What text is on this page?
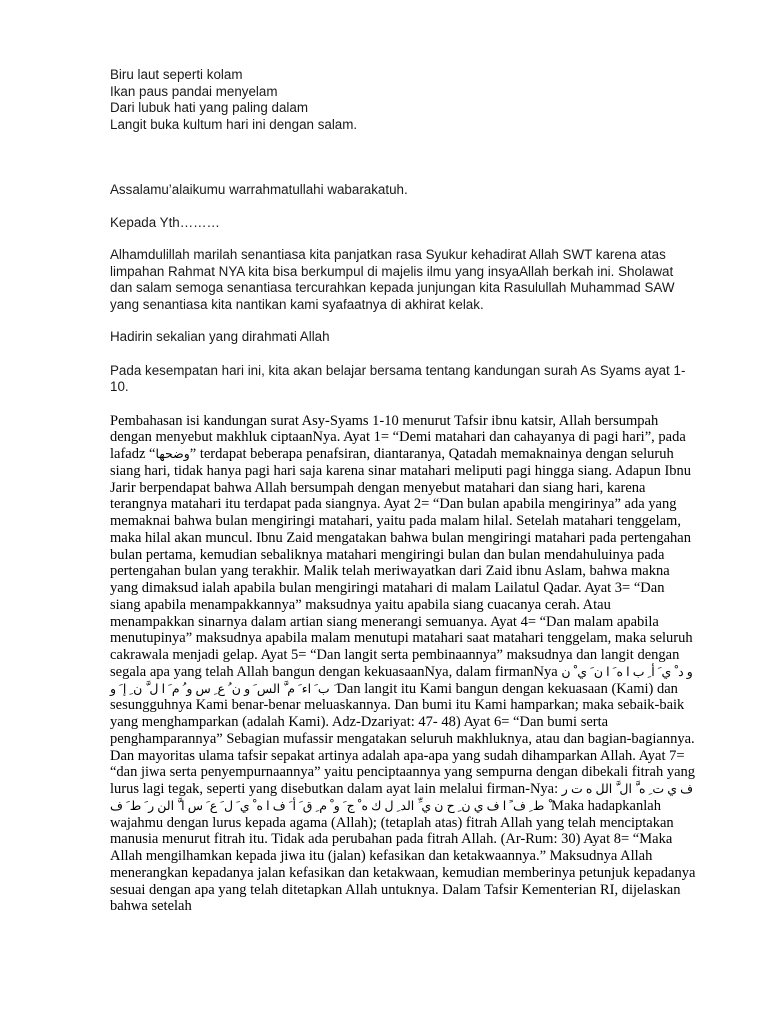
Biru laut seperti kolam
Ikan paus pandai menyelam
Dari lubuk hati yang paling dalam
Langit buka kultum hari ini dengan salam.

Assalamu’alaikumu warrahmatullahi wabarakatuh.

Kepada Yth………

Alhamdulillah marilah senantiasa kita panjatkan rasa Syukur kehadirat Allah SWT karena atas limpahan Rahmat NYA kita bisa berkumpul di majelis ilmu yang insyaAllah berkah ini. Sholawat dan salam semoga senantiasa tercurahkan kepada junjungan kita Rasulullah Muhammad SAW yang senantiasa kita nantikan kami syafaatnya di akhirat kelak.

Hadirin sekalian yang dirahmati Allah

Pada kesempatan hari ini, kita akan belajar bersama tentang kandungan surah As Syams ayat 1-10.

Pembahasan isi kandungan surat Asy-Syams 1-10 menurut Tafsir ibnu katsir, Allah bersumpah dengan menyebut makhluk ciptaanNya. Ayat 1= “Demi matahari dan cahayanya di pagi hari”, pada lafadz “وضحها” terdapat beberapa penafsiran, diantaranya, Qatadah memaknainya dengan seluruh siang hari, tidak hanya pagi hari saja karena sinar matahari meliputi pagi hingga siang. Adapun Ibnu Jarir berpendapat bahwa Allah bersumpah dengan menyebut matahari dan siang hari, karena terangnya matahari itu terdapat pada siangnya. Ayat 2= “Dan bulan apabila mengirinya” ada yang memaknai bahwa bulan mengiringi matahari, yaitu pada malam hilal. Setelah matahari tenggelam, maka hilal akan muncul. Ibnu Zaid mengatakan bahwa bulan mengiringi matahari pada pertengahan bulan pertama, kemudian sebaliknya matahari mengiringi bulan dan bulan mendahuluinya pada pertengahan bulan yang terakhir. Malik telah meriwayatkan dari Zaid ibnu Aslam, bahwa makna yang dimaksud ialah apabila bulan mengiringi matahari di malam Lailatul Qadar. Ayat 3= “Dan siang apabila menampakkannya” maksudnya yaitu apabila siang cuacanya cerah. Atau menampakkan sinarnya dalam artian siang menerangi semuanya. Ayat 4= “Dan malam apabila menutupinya” maksudnya apabila malam menutupi matahari saat matahari tenggelam, maka seluruh cakrawala menjadi gelap. Ayat 5= “Dan langit serta pembinaannya” maksudnya dan langit dengan segala apa yang telah Allah bangun dengan kekuasaanNya, dalam firmanNya و د ْ ي َ أ ِ ب ا ه َ ا ن َ ي ْ ن َ ب َ اء َ م َّ الس َ و ن ُ ع ِ س و ُ م َ ا ل َّ ن ِ إ َ و Dan langit itu Kami bangun dengan kekuasaan (Kami) dan sesungguhnya Kami benar-benar meluaskannya. Dan bumi itu Kami hamparkan; maka sebaik-baik yang menghamparkan (adalah Kami). Adz-Dzariyat: 47- 48) Ayat 6= “Dan bumi serta penghamparannya” Sebagian mufassir mengatakan seluruh makhluknya, atau dan bagian-bagiannya. Dan mayoritas ulama tafsir sepakat artinya adalah apa-apa yang sudah dihamparkan Allah. Ayat 7= “dan jiwa serta penyempurnaannya” yaitu penciptaannya yang sempurna dengan dibekali fitrah yang lurus lagi tegak, seperti yang disebutkan dalam ayat lain melalui firman-Nya: ف ي ت ِ ه َّ ال َّ الل ه ت ر ْ ط ِ ف ً ا ف ي ن ِ ح ن ي ِّ الد ِ ل ك ه ْ ج َ و ْ م ِ ق َ أ َ ف ا ه ْ ي َ ل َ ع َ س ا َّ الن ر َ ط َ ف Maka hadapkanlah wajahmu dengan lurus kepada agama (Allah); (tetaplah atas) fitrah Allah yang telah menciptakan manusia menurut fitrah itu. Tidak ada perubahan pada fitrah Allah. (Ar-Rum: 30) Ayat 8= “Maka Allah mengilhamkan kepada jiwa itu (jalan) kefasikan dan ketakwaannya.” Maksudnya Allah menerangkan kepadanya jalan kefasikan dan ketakwaan, kemudian memberinya petunjuk kepadanya sesuai dengan apa yang telah ditetapkan Allah untuknya. Dalam Tafsir Kementerian RI, dijelaskan bahwa setelah
